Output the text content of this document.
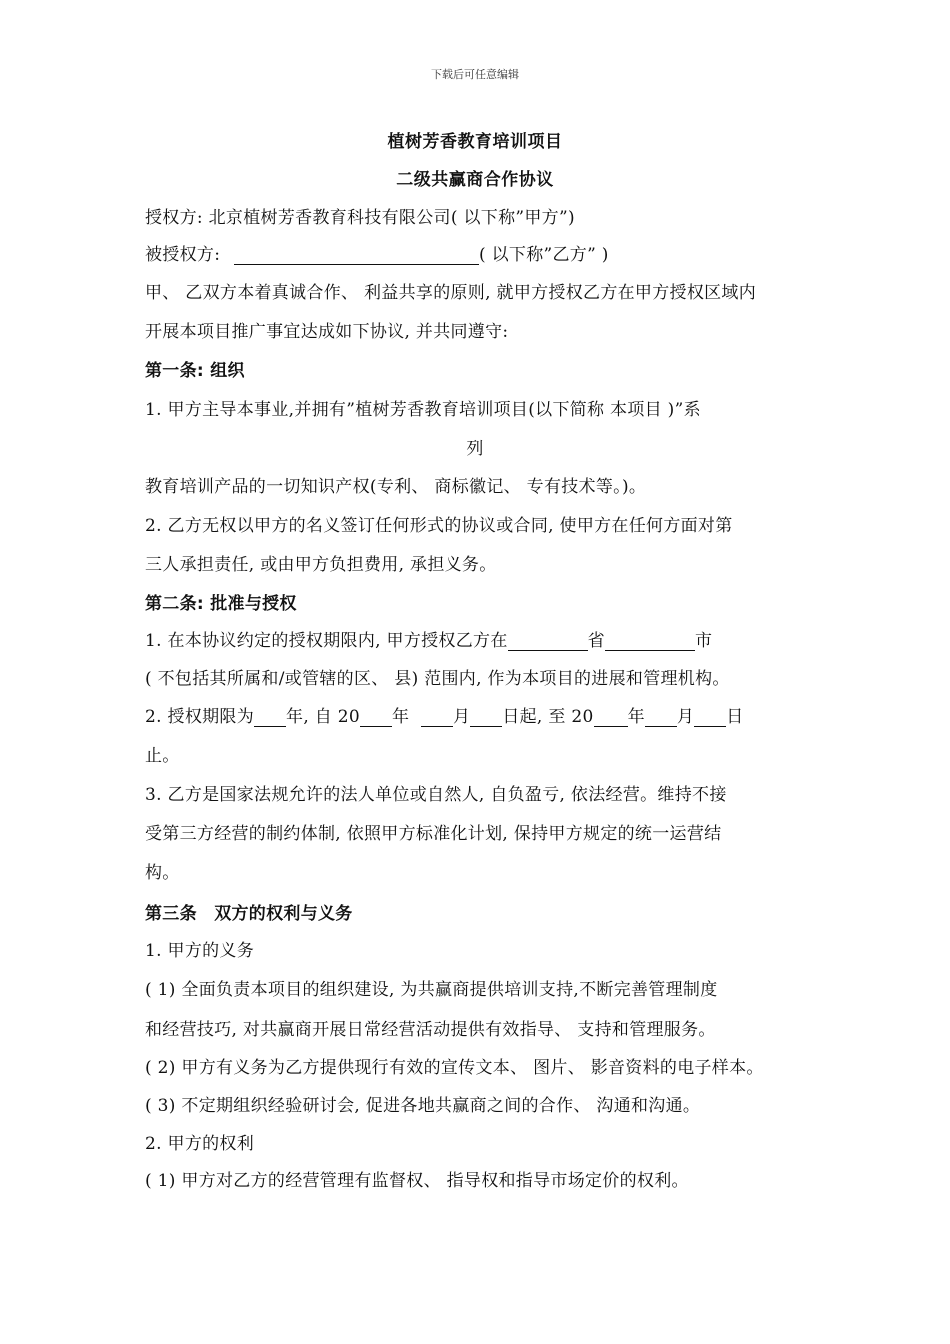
下载后可任意编辑
植树芳香教育培训项目
二级共赢商合作协议
授权方: 北京植树芳香教育科技有限公司( 以下称”甲方”)
被授权方:	( 以下称”乙方” )
甲、 乙双方本着真诚合作、 利益共享的原则, 就甲方授权乙方在甲方授权区域内
开展本项目推广事宜达成如下协议, 并共同遵守:
第一条: 组织
1. 甲方主导本事业,并拥有”植树芳香教育培训项目(以下简称 本项目 )”系
列
教育培训产品的一切知识产权(专利、 商标徽记、 专有技术等。)。
2. 乙方无权以甲方的名义签订任何形式的协议或合同, 使甲方在任何方面对第
三人承担责任, 或由甲方负担费用, 承担义务。
第二条: 批准与授权
1. 在本协议约定的授权期限内, 甲方授权乙方在	省	市
( 不包括其所属和/或管辖的区、 县) 范围内, 作为本项目的进展和管理机构。
2. 授权期限为 年, 自 20 年 月 日起, 至 20 年 月 日
止。
3. 乙方是国家法规允许的法人单位或自然人, 自负盈亏, 依法经营。维持不接
受第三方经营的制约体制, 依照甲方标准化计划, 保持甲方规定的统一运营结
构。
第三条　双方的权利与义务
1. 甲方的义务
( 1) 全面负责本项目的组织建设, 为共赢商提供培训支持,不断完善管理制度
和经营技巧, 对共赢商开展日常经营活动提供有效指导、 支持和管理服务。
( 2) 甲方有义务为乙方提供现行有效的宣传文本、 图片、 影音资料的电子样本。
( 3) 不定期组织经验研讨会, 促进各地共赢商之间的合作、 沟通和沟通。
2. 甲方的权利
( 1) 甲方对乙方的经营管理有监督权、 指导权和指导市场定价的权利。
